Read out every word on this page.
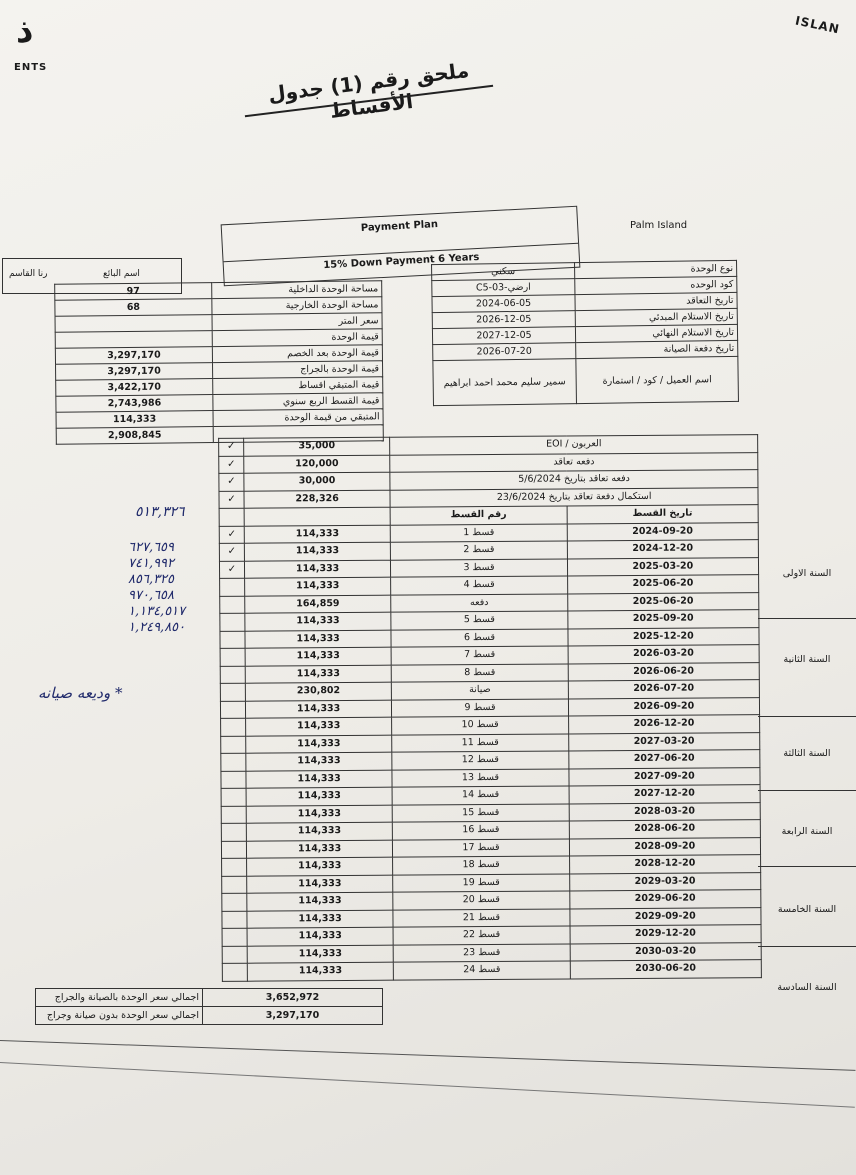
ذ
ENTS
ISLAN
ملحق رقم (1) جدول الأقساط
Palm Island
Payment Plan
15% Down Payment 6 Years
رنا القاسم	اسم البائع
97	مساحة الوحدة الداخلية
68	مساحة الوحدة الخارجية
	سعر المتر
	قيمة الوحدة
3,297,170	قيمة الوحدة بعد الخصم
3,297,170	قيمة الوحدة بالجراج
3,422,170	قيمة المتبقي اقساط
2,743,986	قيمة القسط الربع سنوي
114,333	المتبقي من قيمة الوحدة
2,908,845	
سكني	نوع الوحدة
C5-ارضي-03	كود الوحده
2024-06-05	تاريخ التعاقد
2026-12-05	تاريخ الاستلام المبدئي
2027-12-05	تاريخ الاستلام النهائي
2026-07-20	تاريخ دفعة الصيانة
سمير سليم محمد احمد ابراهيم	اسم العميل / كود / استمارة
✓	35,000	العربون / EOI	
✓	120,000	دفعه تعاقد	
✓	30,000	دفعه تعاقد بتاريخ 5/6/2024	
✓	228,326	استكمال دفعة تعاقد بتاريخ 23/6/2024	
		رقم القسط	تاريخ القسط
✓	114,333	قسط 1	2024-09-20
✓	114,333	قسط 2	2024-12-20
✓	114,333	قسط 3	2025-03-20
	114,333	قسط 4	2025-06-20
	164,859	دفعه	2025-06-20
	114,333	قسط 5	2025-09-20
	114,333	قسط 6	2025-12-20
	114,333	قسط 7	2026-03-20
	114,333	قسط 8	2026-06-20
	230,802	صيانة	2026-07-20
	114,333	قسط 9	2026-09-20
	114,333	قسط 10	2026-12-20
	114,333	قسط 11	2027-03-20
	114,333	قسط 12	2027-06-20
	114,333	قسط 13	2027-09-20
	114,333	قسط 14	2027-12-20
	114,333	قسط 15	2028-03-20
	114,333	قسط 16	2028-06-20
	114,333	قسط 17	2028-09-20
	114,333	قسط 18	2028-12-20
	114,333	قسط 19	2029-03-20
	114,333	قسط 20	2029-06-20
	114,333	قسط 21	2029-09-20
	114,333	قسط 22	2029-12-20
	114,333	قسط 23	2030-03-20
	114,333	قسط 24	2030-06-20
السنة الاولى
السنة الثانية
السنة الثالثة
السنة الرابعة
السنة الخامسة
السنة السادسة
٥١٣,٣٢٦
٦٢٧,٦٥٩
٧٤١,٩٩٢
٨٥٦,٣٢٥
٩٧٠,٦٥٨
١,١٣٤,٥١٧
١,٢٤٩,٨٥٠
* وديعه صيانه
اجمالي سعر الوحدة بالصيانة والجراج	3,652,972
اجمالي سعر الوحدة بدون صيانة وجراج	3,297,170
